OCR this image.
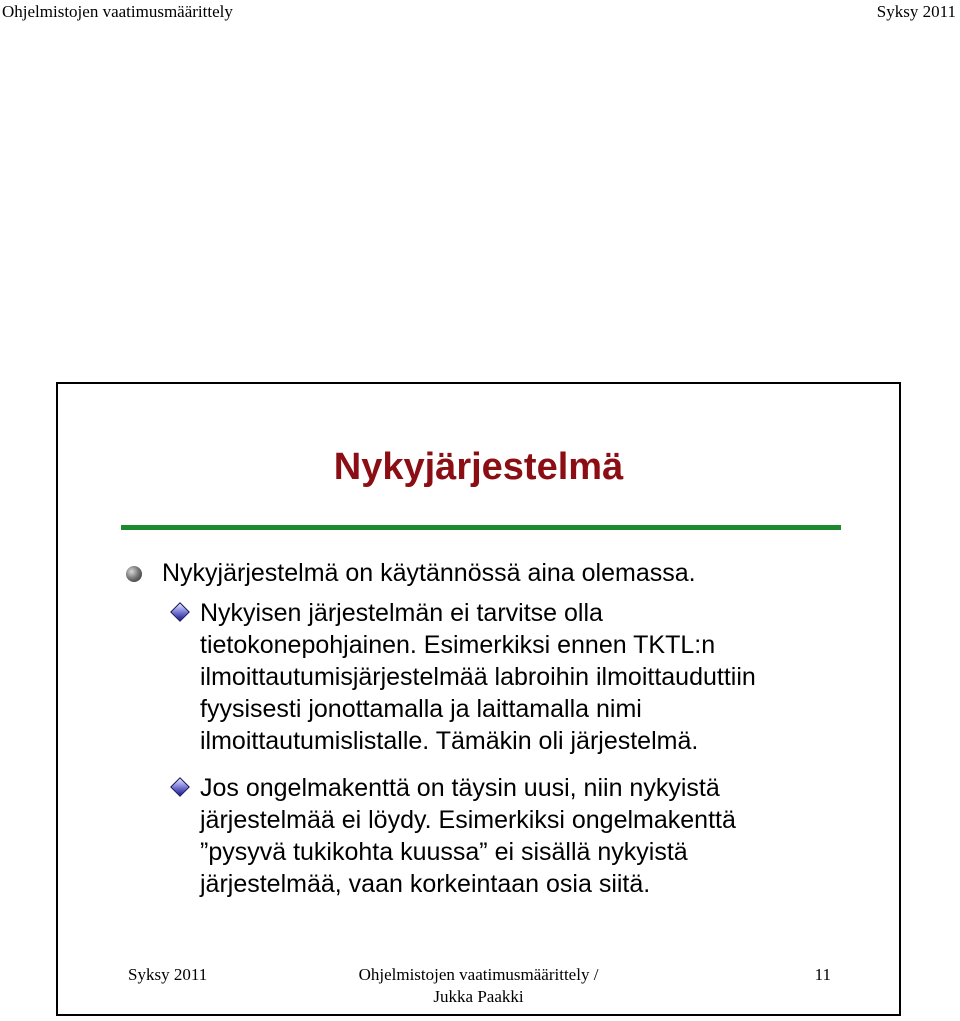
Ohjelmistojen vaatimusmäärittely	Syksy 2011
Nykyjärjestelmä
Nykyjärjestelmä on käytännössä aina olemassa.
Nykyisen järjestelmän ei tarvitse olla
tietokonepohjainen. Esimerkiksi ennen TKTL:n
ilmoittautumisjärjestelmää labroihin ilmoittauduttiin
fyysisesti jonottamalla ja laittamalla nimi
ilmoittautumislistalle. Tämäkin oli järjestelmä.
Jos ongelmakenttä on täysin uusi, niin nykyistä
järjestelmää ei löydy. Esimerkiksi ongelmakenttä
”pysyvä tukikohta kuussa” ei sisällä nykyistä
järjestelmää, vaan korkeintaan osia siitä.
Syksy 2011	Ohjelmistojen vaatimusmäärittely /
Jukka Paakki
11
